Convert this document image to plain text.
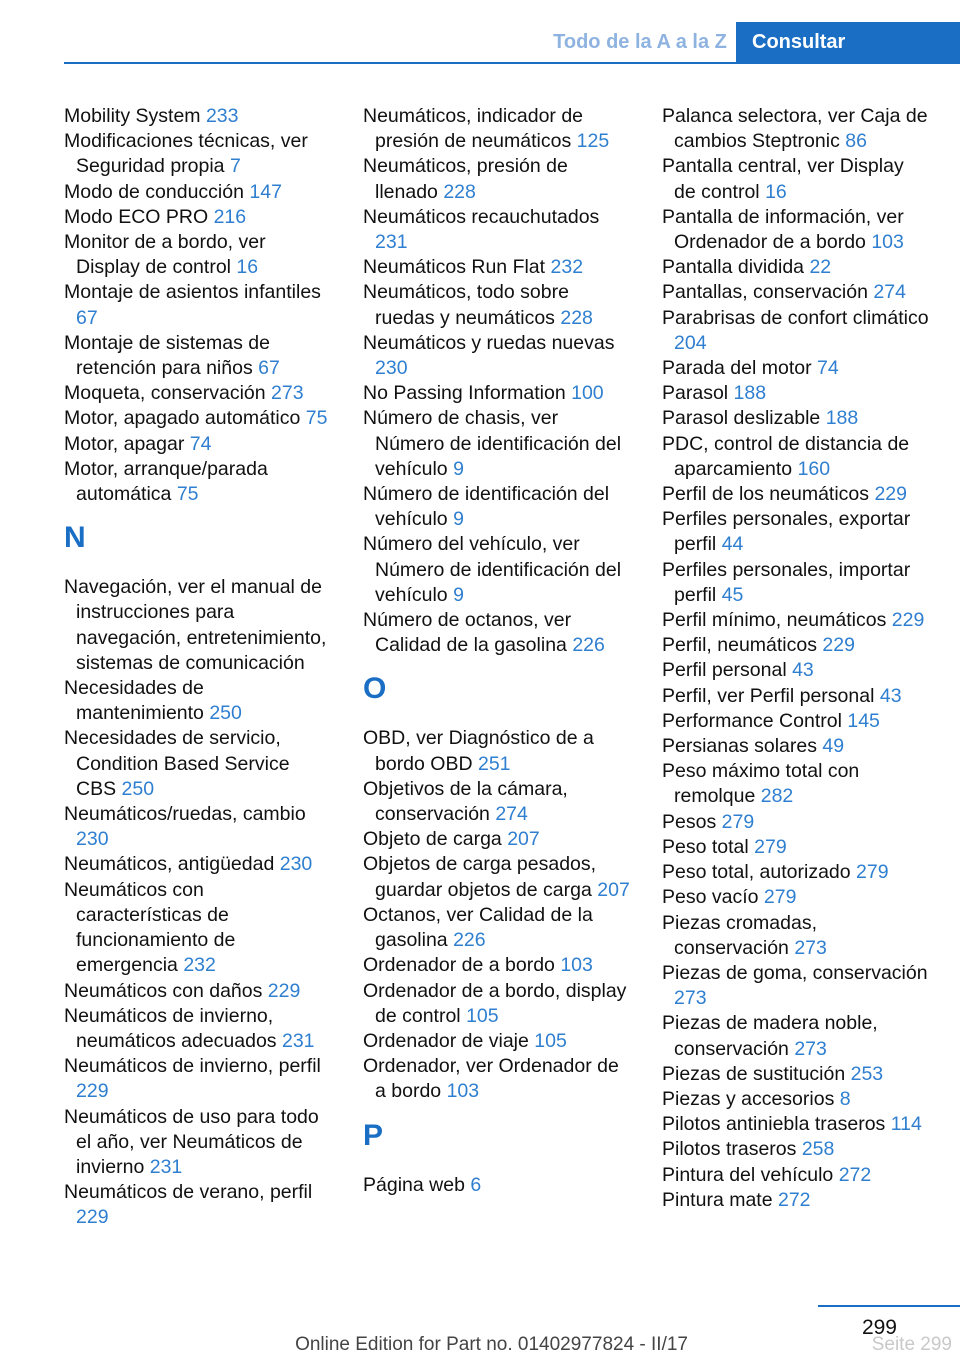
Todo de la A a la Z	Consultar
Mobility System 233
Modificaciones técnicas, ver Seguridad propia 7
Modo de conducción 147
Modo ECO PRO 216
Monitor de a bordo, ver Display de control 16
Montaje de asientos infantiles 67
Montaje de sistemas de retención para niños 67
Moqueta, conservación 273
Motor, apagado automático 75
Motor, apagar 74
Motor, arranque/parada automática 75
N
Navegación, ver el manual de instrucciones para navegación, entretenimiento, sistemas de comunicación
Necesidades de mantenimiento 250
Necesidades de servicio, Condition Based Service CBS 250
Neumáticos/ruedas, cambio 230
Neumáticos, antigüedad 230
Neumáticos con características de funcionamiento de emergencia 232
Neumáticos con daños 229
Neumáticos de invierno, neumáticos adecuados 231
Neumáticos de invierno, perfil 229
Neumáticos de uso para todo el año, ver Neumáticos de invierno 231
Neumáticos de verano, perfil 229
Neumáticos, indicador de presión de neumáticos 125
Neumáticos, presión de llenado 228
Neumáticos recauchutados 231
Neumáticos Run Flat 232
Neumáticos, todo sobre ruedas y neumáticos 228
Neumáticos y ruedas nuevas 230
No Passing Information 100
Número de chasis, ver Número de identificación del vehículo 9
Número de identificación del vehículo 9
Número del vehículo, ver Número de identificación del vehículo 9
Número de octanos, ver Calidad de la gasolina 226
O
OBD, ver Diagnóstico de a bordo OBD 251
Objetivos de la cámara, conservación 274
Objeto de carga 207
Objetos de carga pesados, guardar objetos de carga 207
Octanos, ver Calidad de la gasolina 226
Ordenador de a bordo 103
Ordenador de a bordo, display de control 105
Ordenador de viaje 105
Ordenador, ver Ordenador de a bordo 103
P
Página web 6
Palanca selectora, ver Caja de cambios Steptronic 86
Pantalla central, ver Display de control 16
Pantalla de información, ver Ordenador de a bordo 103
Pantalla dividida 22
Pantallas, conservación 274
Parabrisas de confort climático 204
Parada del motor 74
Parasol 188
Parasol deslizable 188
PDC, control de distancia de aparcamiento 160
Perfil de los neumáticos 229
Perfiles personales, exportar perfil 44
Perfiles personales, importar perfil 45
Perfil mínimo, neumáticos 229
Perfil, neumáticos 229
Perfil personal 43
Perfil, ver Perfil personal 43
Performance Control 145
Persianas solares 49
Peso máximo total con remolque 282
Pesos 279
Peso total 279
Peso total, autorizado 279
Peso vacío 279
Piezas cromadas, conservación 273
Piezas de goma, conservación 273
Piezas de madera noble, conservación 273
Piezas de sustitución 253
Piezas y accesorios 8
Pilotos antiniebla traseros 114
Pilotos traseros 258
Pintura del vehículo 272
Pintura mate 272
299
Online Edition for Part no. 01402977824 - II/17	Seite 299
